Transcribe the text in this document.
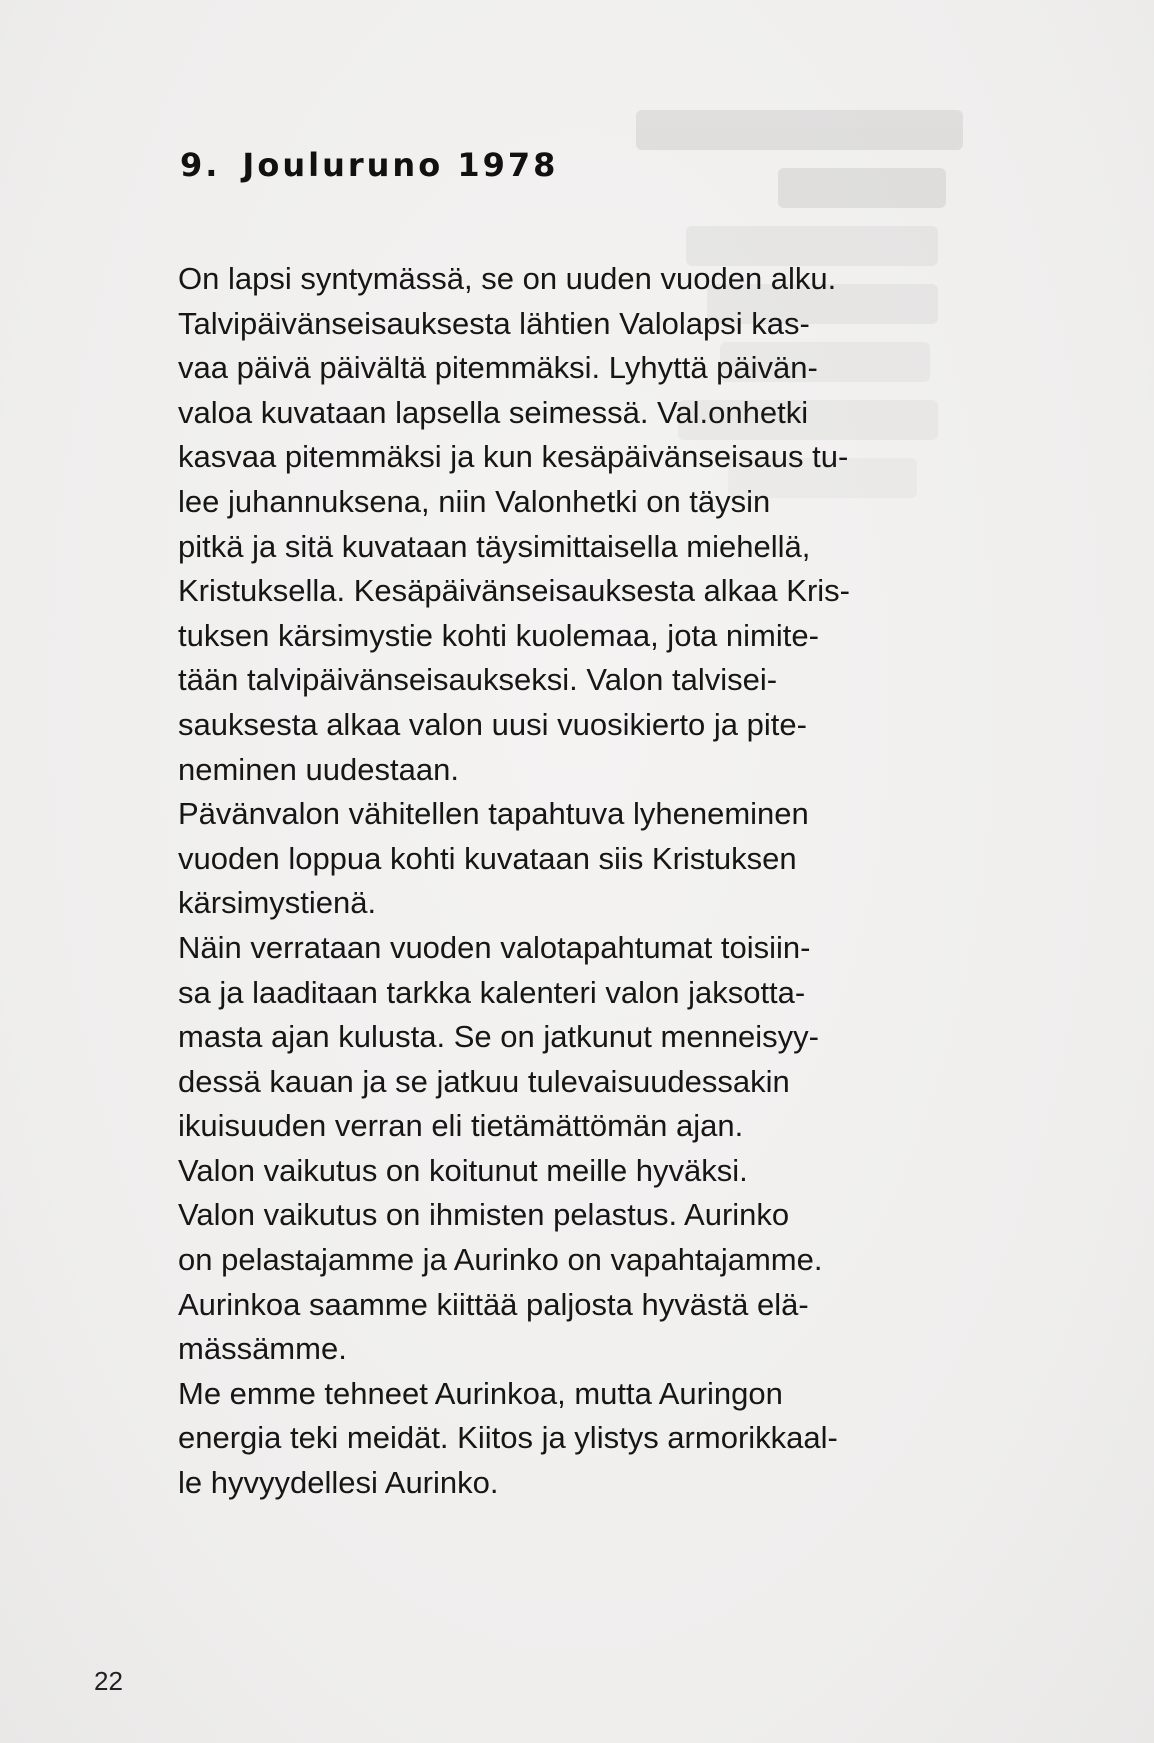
9. Jouluruno 1978
On lapsi syntymässä, se on uuden vuoden alku.
Talvipäivänseisauksesta lähtien Valolapsi kas-
vaa päivä päivältä pitemmäksi. Lyhyttä päivän-
valoa kuvataan lapsella seimessä. Val.onhetki
kasvaa pitemmäksi ja kun kesäpäivänseisaus tu-
lee juhannuksena, niin Valonhetki on täysin
pitkä ja sitä kuvataan täysimittaisella miehellä,
Kristuksella. Kesäpäivänseisauksesta alkaa Kris-
tuksen kärsimystie kohti kuolemaa, jota nimite-
tään talvipäivänseisaukseksi. Valon talvisei-
sauksesta alkaa valon uusi vuosikierto ja pite-
neminen uudestaan.
Pävänvalon vähitellen tapahtuva lyheneminen
vuoden loppua kohti kuvataan siis Kristuksen
kärsimystienä.
Näin verrataan vuoden valotapahtumat toisiin-
sa ja laaditaan tarkka kalenteri valon jaksotta-
masta ajan kulusta. Se on jatkunut menneisyy-
dessä kauan ja se jatkuu tulevaisuudessakin
ikuisuuden verran eli tietämättömän ajan.
Valon vaikutus on koitunut meille hyväksi.
Valon vaikutus on ihmisten pelastus. Aurinko
on pelastajamme ja Aurinko on vapahtajamme.
Aurinkoa saamme kiittää paljosta hyvästä elä-
mässämme.
Me emme tehneet Aurinkoa, mutta Auringon
energia teki meidät. Kiitos ja ylistys armorikkaal-
le hyvyydellesi Aurinko.

22
